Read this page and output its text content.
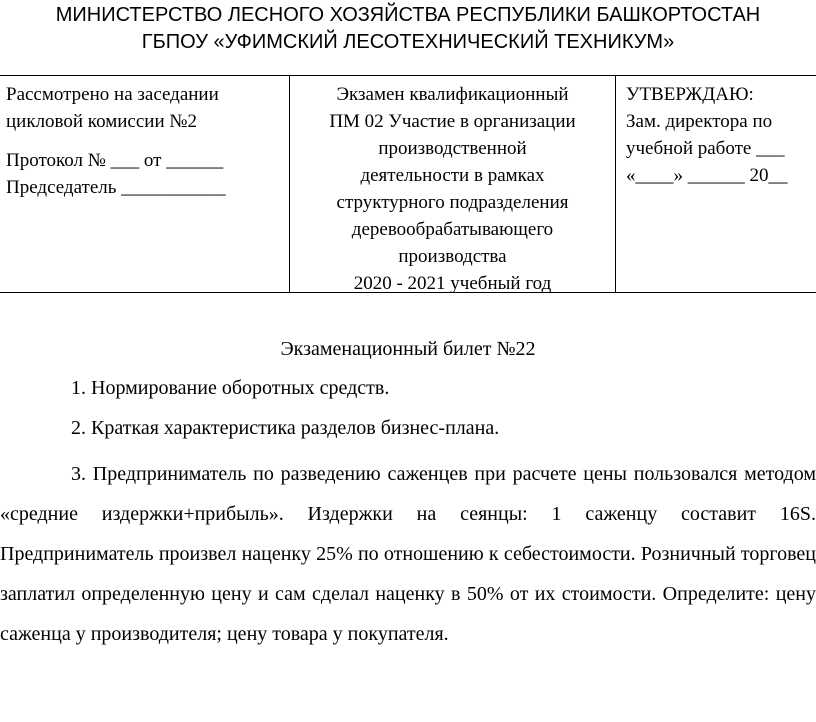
МИНИСТЕРСТВО ЛЕСНОГО ХОЗЯЙСТВА РЕСПУБЛИКИ БАШКОРТОСТАН
ГБПОУ «УФИМСКИЙ ЛЕСОТЕХНИЧЕСКИЙ ТЕХНИКУМ»
Рассмотрено на заседании
цикловой комиссии №2
Протокол № ___ от ______
Председатель ___________
Экзамен квалификационный
ПМ 02 Участие в организации
производственной
деятельности в рамках
структурного подразделения
деревообрабатывающего
производства
2020 - 2021 учебный год
УТВЕРЖДАЮ:
Зам. директора по
учебной работе ___
«____» ______ 20__
Экзаменационный билет №22
1. Нормирование оборотных средств.
2. Краткая характеристика разделов бизнес-плана.
3. Предприниматель по разведению саженцев при расчете цены пользовался методом «средние издержки+прибыль». Издержки на сеянцы: 1 саженцу составит 16S. Предприниматель произвел наценку 25% по отношению к себестоимости. Розничный торговец заплатил определенную цену и сам сделал наценку в 50% от их стоимости. Определите: цену саженца у производителя; цену товара у покупателя.
